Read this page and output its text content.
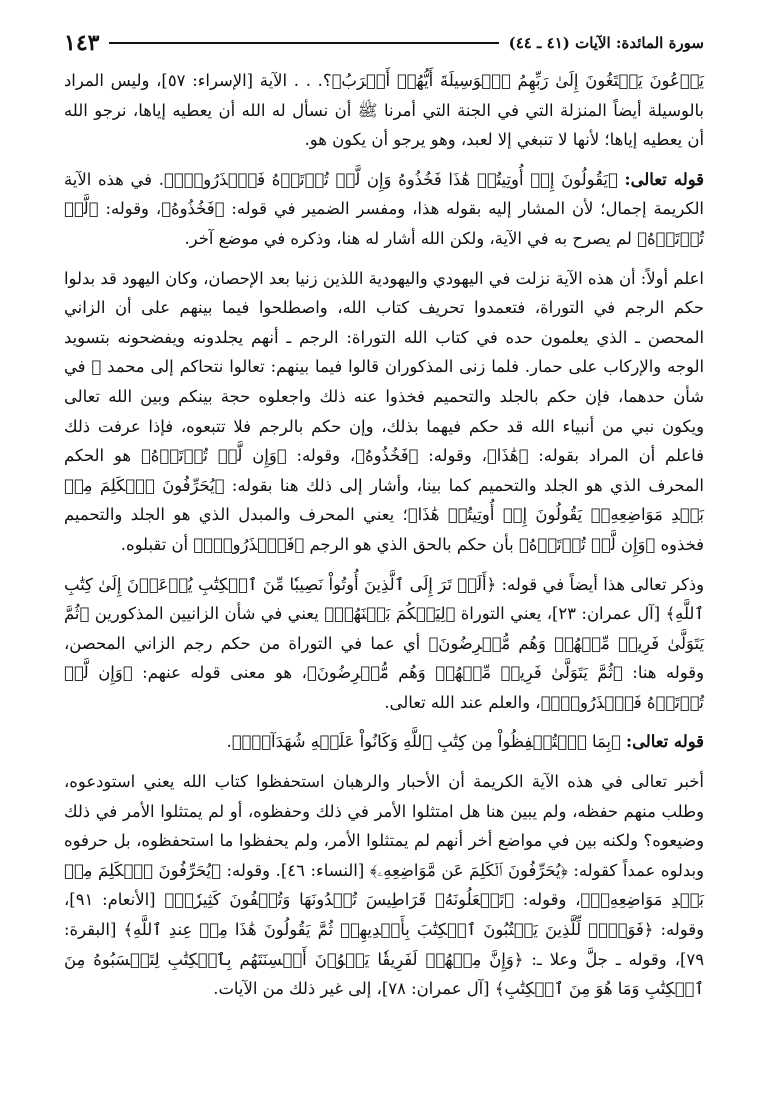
سورة المائدة: الآيات (٤١ ـ ٤٤)
١٤٣

يَدۡعُونَ يَبۡتَغُونَ إِلَىٰ رَبِّهِمُ ٱلۡوَسِيلَةَ أَيُّهُمۡ أَقۡرَبُ﴾؟. . . الآية [الإسراء: ٥٧]، وليس المراد بالوسيلة أيضاً المنزلة التي في الجنة التي أمرنا ﷺ أن نسأل له الله أن يعطيه إياها، نرجو الله أن يعطيه إياها؛ لأنها لا تنبغي إلا لعبد، وهو يرجو أن يكون هو.

قوله تعالى: ﴿يَقُولُونَ إِنۡ أُوتِيتُمۡ هَٰذَا فَخُذُوهُ وَإِن لَّمۡ تُؤۡتَوۡهُ فَٱحۡذَرُواْۚ﴾. في هذه الآية الكريمة إجمال؛ لأن المشار إليه بقوله هذا، ومفسر الضمير في قوله: ﴿فَخُذُوهُ﴾، وقوله: ﴿لَّمۡ تُؤۡتَوۡهُ﴾ لم يصرح به في الآية، ولكن الله أشار له هنا، وذكره في موضع آخر.

اعلم أولاً: أن هذه الآية نزلت في اليهودي واليهودية اللذين زنيا بعد الإحصان، وكان اليهود قد بدلوا حكم الرجم في التوراة، فتعمدوا تحريف كتاب الله، واصطلحوا فيما بينهم على أن الزاني المحصن ـ الذي يعلمون حده في كتاب الله التوراة: الرجم ـ أنهم يجلدونه ويفضحونه بتسويد الوجه والإركاب على حمار. فلما زنى المذكوران قالوا فيما بينهم: تعالوا نتحاكم إلى محمد ﷺ في شأن حدهما، فإن حكم بالجلد والتحميم فخذوا عنه ذلك واجعلوه حجة بينكم وبين الله تعالى ويكون نبي من أنبياء الله قد حكم فيهما بذلك، وإن حكم بالرجم فلا تتبعوه، فإذا عرفت ذلك فاعلم أن المراد بقوله: ﴿هَٰذَا﴾، وقوله: ﴿فَخُذُوهُ﴾، وقوله: ﴿وَإِن لَّمۡ تُؤۡتَوۡهُ﴾ هو الحكم المحرف الذي هو الجلد والتحميم كما بينا، وأشار إلى ذلك هنا بقوله: ﴿يُحَرِّفُونَ ٱلۡكَلِمَ مِنۢ بَعۡدِ مَوَاضِعِهِۦۖ يَقُولُونَ إِنۡ أُوتِيتُمۡ هَٰذَا﴾؛ يعني المحرف والمبدل الذي هو الجلد والتحميم فخذوه ﴿وَإِن لَّمۡ تُؤۡتَوۡهُ﴾ بأن حكم بالحق الذي هو الرجم ﴿فَٱحۡذَرُواْۚ﴾ أن تقبلوه.

وذكر تعالى هذا أيضاً في قوله: ﴿أَلَمۡ تَرَ إِلَى ٱلَّذِينَ أُوتُواْ نَصِيبٗا مِّنَ ٱلۡكِتَٰبِ يُدۡعَوۡنَ إِلَىٰ كِتَٰبِ ٱللَّهِ﴾ [آل عمران: ٢٣]، يعني التوراة ﴿لِيَحۡكُمَ بَيۡنَهُمۡ﴾ يعني في شأن الزانيين المذكورين ﴿ثُمَّ يَتَوَلَّىٰ فَرِيقٞ مِّنۡهُمۡ وَهُم مُّعۡرِضُونَ﴾ أي عما في التوراة من حكم رجم الزاني المحصن، وقوله هنا: ﴿ثُمَّ يَتَوَلَّىٰ فَرِيقٞ مِّنۡهُمۡ وَهُم مُّعۡرِضُونَ﴾، هو معنى قوله عنهم: ﴿وَإِن لَّمۡ تُؤۡتَوۡهُ فَٱحۡذَرُواْۚ﴾، والعلم عند الله تعالى.

قوله تعالى: ﴿بِمَا ٱسۡتُحۡفِظُواْ مِن كِتَٰبِ ٱللَّهِ وَكَانُواْ عَلَيۡهِ شُهَدَآءَۚ﴾.

أخبر تعالى في هذه الآية الكريمة أن الأحبار والرهبان استحفظوا كتاب الله يعني استودعوه، وطلب منهم حفظه، ولم يبين هنا هل امتثلوا الأمر في ذلك وحفظوه، أو لم يمتثلوا الأمر في ذلك وضيعوه؟ ولكنه بين في مواضع أخر أنهم لم يمتثلوا الأمر، ولم يحفظوا ما استحفظوه، بل حرفوه وبدلوه عمداً كقوله: ﴿يُحَرِّفُونَ ٱلۡكَلِمَ عَن مَّوَاضِعِهِۦ﴾ [النساء: ٤٦]. وقوله: ﴿يُحَرِّفُونَ ٱلۡكَلِمَ مِنۢ بَعۡدِ مَوَاضِعِهِۦۖ﴾، وقوله: ﴿تَجۡعَلُونَهُۥ قَرَاطِيسَ تُبۡدُونَهَا وَتُخۡفُونَ كَثِيرٗاۖ﴾ [الأنعام: ٩١]، وقوله: ﴿فَوَيۡلٞ لِّلَّذِينَ يَكۡتُبُونَ ٱلۡكِتَٰبَ بِأَيۡدِيهِمۡ ثُمَّ يَقُولُونَ هَٰذَا مِنۡ عِندِ ٱللَّهِ﴾ [البقرة: ٧٩]، وقوله ـ جلَّ وعلا ـ: ﴿وَإِنَّ مِنۡهُمۡ لَفَرِيقٗا يَلۡوُۥنَ أَلۡسِنَتَهُم بِٱلۡكِتَٰبِ لِتَحۡسَبُوهُ مِنَ ٱلۡكِتَٰبِ وَمَا هُوَ مِنَ ٱلۡكِتَٰبِ﴾ [آل عمران: ٧٨]، إلى غير ذلك من الآيات.
